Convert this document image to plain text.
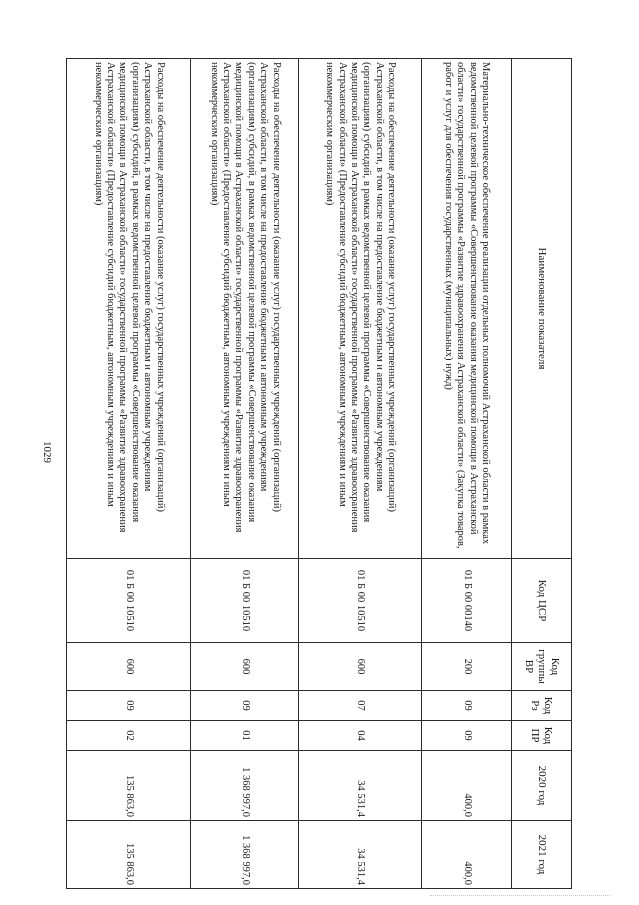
1029
Наименование показателя	Код ЦСР	Код группы ВР	Код Рз	Код ПР	2020 год	2021 год
Материально-техническое обеспечение реализации отдельных полномочий Астраханской области в рамках ведомственной целевой программы «Совершенствование оказания медицинской помощи в Астраханской области» государственной программы «Развитие здравоохранения Астраханской области» (Закупка товаров, работ и услуг для обеспечения государственных (муниципальных) нужд)	01 Б 00 00140	200	09	09	400,0	400,0
Расходы на обеспечение деятельности (оказание услуг) государственных учреждений (организаций) Астраханской области, в том числе на предоставление бюджетным и автономным учреждениям (организациям) субсидий, в рамках ведомственной целевой программы «Совершенствование оказания медицинской помощи в Астраханской области» государственной программы «Развитие здравоохранения Астраханской области» (Предоставление субсидий бюджетным, автономным учреждениям и иным некоммерческим организациям)	01 Б 00 10510	600	07	04	34 531,4	34 531,4
Расходы на обеспечение деятельности (оказание услуг) государственных учреждений (организаций) Астраханской области, в том числе на предоставление бюджетным и автономным учреждениям (организациям) субсидий, в рамках ведомственной целевой программы «Совершенствование оказания медицинской помощи в Астраханской области» государственной программы «Развитие здравоохранения Астраханской области» (Предоставление субсидий бюджетным, автономным учреждениям и иным некоммерческим организациям)	01 Б 00 10510	600	09	01	1 368 997,0	1 368 997,0
Расходы на обеспечение деятельности (оказание услуг) государственных учреждений (организаций) Астраханской области, в том числе на предоставление бюджетным и автономным учреждениям (организациям) субсидий, в рамках ведомственной целевой программы «Совершенствование оказания медицинской помощи в Астраханской области» государственной программы «Развитие здравоохранения Астраханской области» (Предоставление субсидий бюджетным, автономным учреждениям и иным некоммерческим организациям)	01 Б 00 10510	600	09	02	135 863,0	135 863,0
